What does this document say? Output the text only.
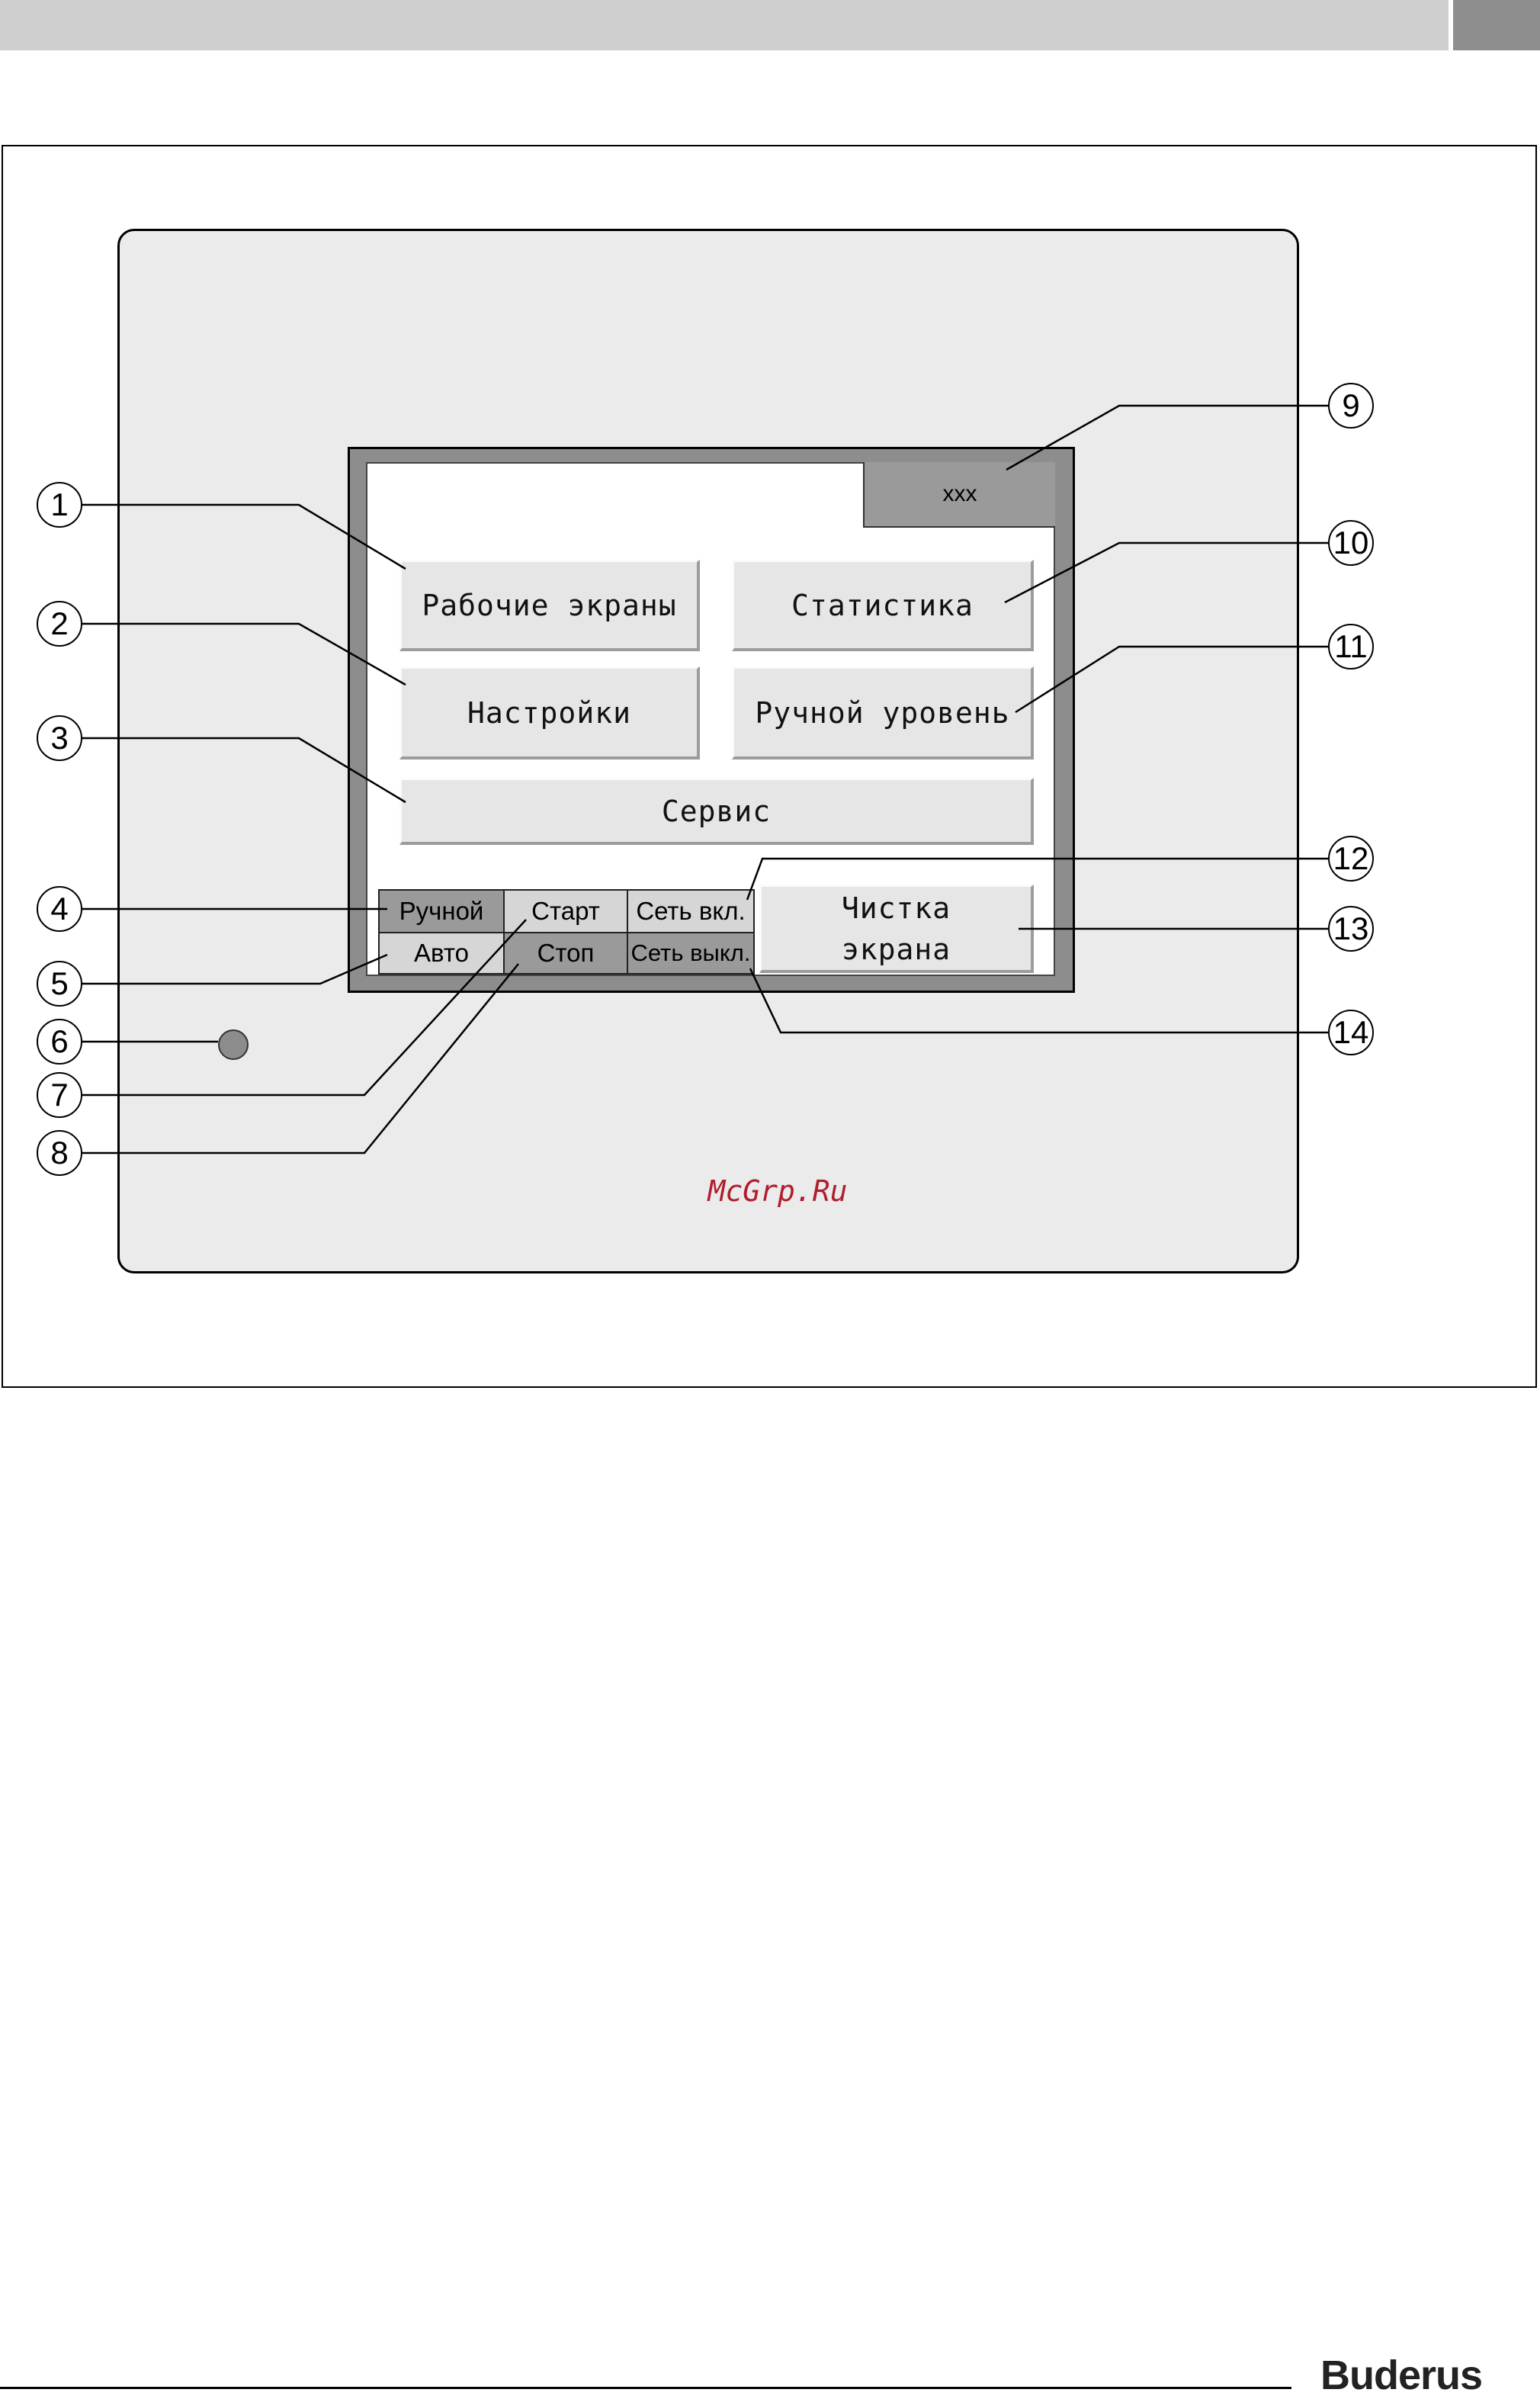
xxx
Рабочие экраны	Статистика
Настройки	Ручной уровень
Сервис
Чистка
экрана
Ручной
Авто
Старт
Стоп
Сеть вкл.
Сеть выкл.
1
2
3
4
5
6
7
8
9
10
11
12
13
14
McGrp.Ru
Buderus
